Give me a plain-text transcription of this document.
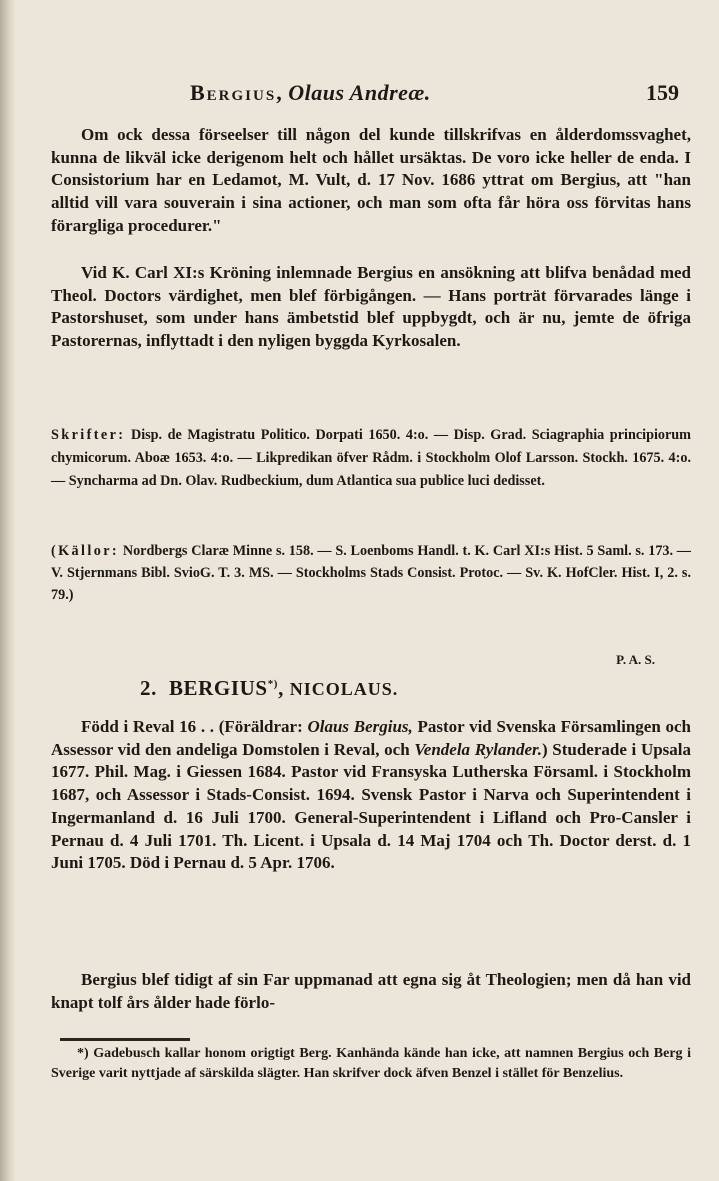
Bergius, Olaus Andreæ.	159

Om ock dessa förseelser till någon del kunde tillskrifvas en ålderdomssvaghet, kunna de likväl icke derigenom helt och hållet ursäktas. De voro icke heller de enda. I Consistorium har en Ledamot, M. Vult, d. 17 Nov. 1686 yttrat om Bergius, att "han alltid vill vara souverain i sina actioner, och man som ofta får höra oss förvitas hans förargliga procedurer."

Vid K. Carl XI:s Kröning inlemnade Bergius en ansökning att blifva benådad med Theol. Doctors värdighet, men blef förbigången. — Hans porträt förvarades länge i Pastorshuset, som under hans ämbetstid blef uppbygdt, och är nu, jemte de öfriga Pastorernas, inflyttadt i den nyligen byggda Kyrkosalen.

Skrifter: Disp. de Magistratu Politico. Dorpati 1650. 4:o. — Disp. Grad. Sciagraphia principiorum chymicorum. Aboæ 1653. 4:o. — Likpredikan öfver Rådm. i Stockholm Olof Larsson. Stockh. 1675. 4:o. — Syncharma ad Dn. Olav. Rudbeckium, dum Atlantica sua publice luci dedisset.

(Källor: Nordbergs Claræ Minne s. 158. — S. Loenboms Handl. t. K. Carl XI:s Hist. 5 Saml. s. 173. — V. Stjernmans Bibl. SvioG. T. 3. MS. — Stockholms Stads Consist. Protoc. — Sv. K. HofCler. Hist. I, 2. s. 79.)

P. A. S.
2. BERGIUS*), NICOLAUS.

Född i Reval 16 . . (Föräldrar: Olaus Bergius, Pastor vid Svenska Församlingen och Assessor vid den andeliga Domstolen i Reval, och Vendela Rylander.) Studerade i Upsala 1677. Phil. Mag. i Giessen 1684. Pastor vid Fransyska Lutherska Församl. i Stockholm 1687, och Assessor i Stads-Consist. 1694. Svensk Pastor i Narva och Superintendent i Ingermanland d. 16 Juli 1700. General-Superintendent i Lifland och Pro-Cansler i Pernau d. 4 Juli 1701. Th. Licent. i Upsala d. 14 Maj 1704 och Th. Doctor derst. d. 1 Juni 1705. Död i Pernau d. 5 Apr. 1706.

Bergius blef tidigt af sin Far uppmanad att egna sig åt Theologien; men då han vid knapt tolf års ålder hade förlo-

*) Gadebusch kallar honom origtigt Berg. Kanhända kände han icke, att namnen Bergius och Berg i Sverige varit nyttjade af särskilda slägter. Han skrifver dock äfven Benzel i stället för Benzelius.
